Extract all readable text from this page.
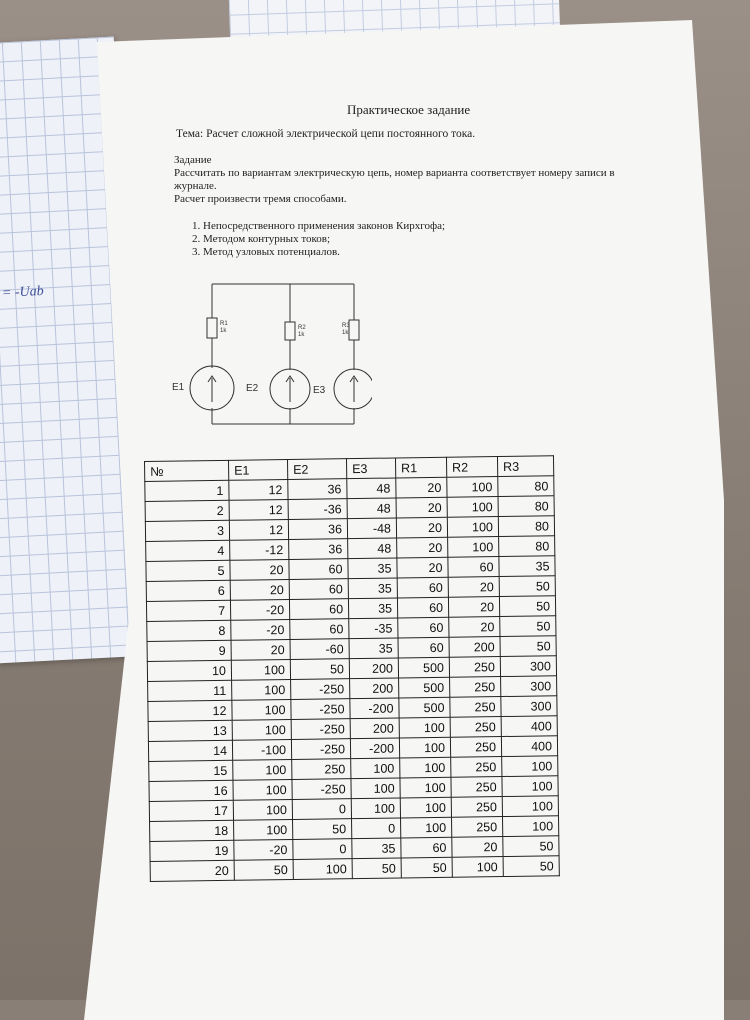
= -Uab
Практическое задание
Тема: Расчет сложной электрической цепи постоянного тока.
Задание
Рассчитать по вариантам электрическую цепь, номер варианта соответствует номеру записи в журнале.
Расчет произвести тремя способами.
1. Непосредственного применения законов Кирхгофа;
2. Методом контурных токов;
3. Метод узловых потенциалов.
R1
1k	R2
1k
R3
1k
E1	E2	E3
№	E1	E2	E3	R1	R2	R3
1	12	36	48	20	100	80
2	12	-36	48	20	100	80
3	12	36	-48	20	100	80
4	-12	36	48	20	100	80
5	20	60	35	20	60	35
6	20	60	35	60	20	50
7	-20	60	35	60	20	50
8	-20	60	-35	60	20	50
9	20	-60	35	60	200	50
10	100	50	200	500	250	300
11	100	-250	200	500	250	300
12	100	-250	-200	500	250	300
13	100	-250	200	100	250	400
14	-100	-250	-200	100	250	400
15	100	250	100	100	250	100
16	100	-250	100	100	250	100
17	100	0	100	100	250	100
18	100	50	0	100	250	100
19	-20	0	35	60	20	50
20	50	100	50	50	100	50
